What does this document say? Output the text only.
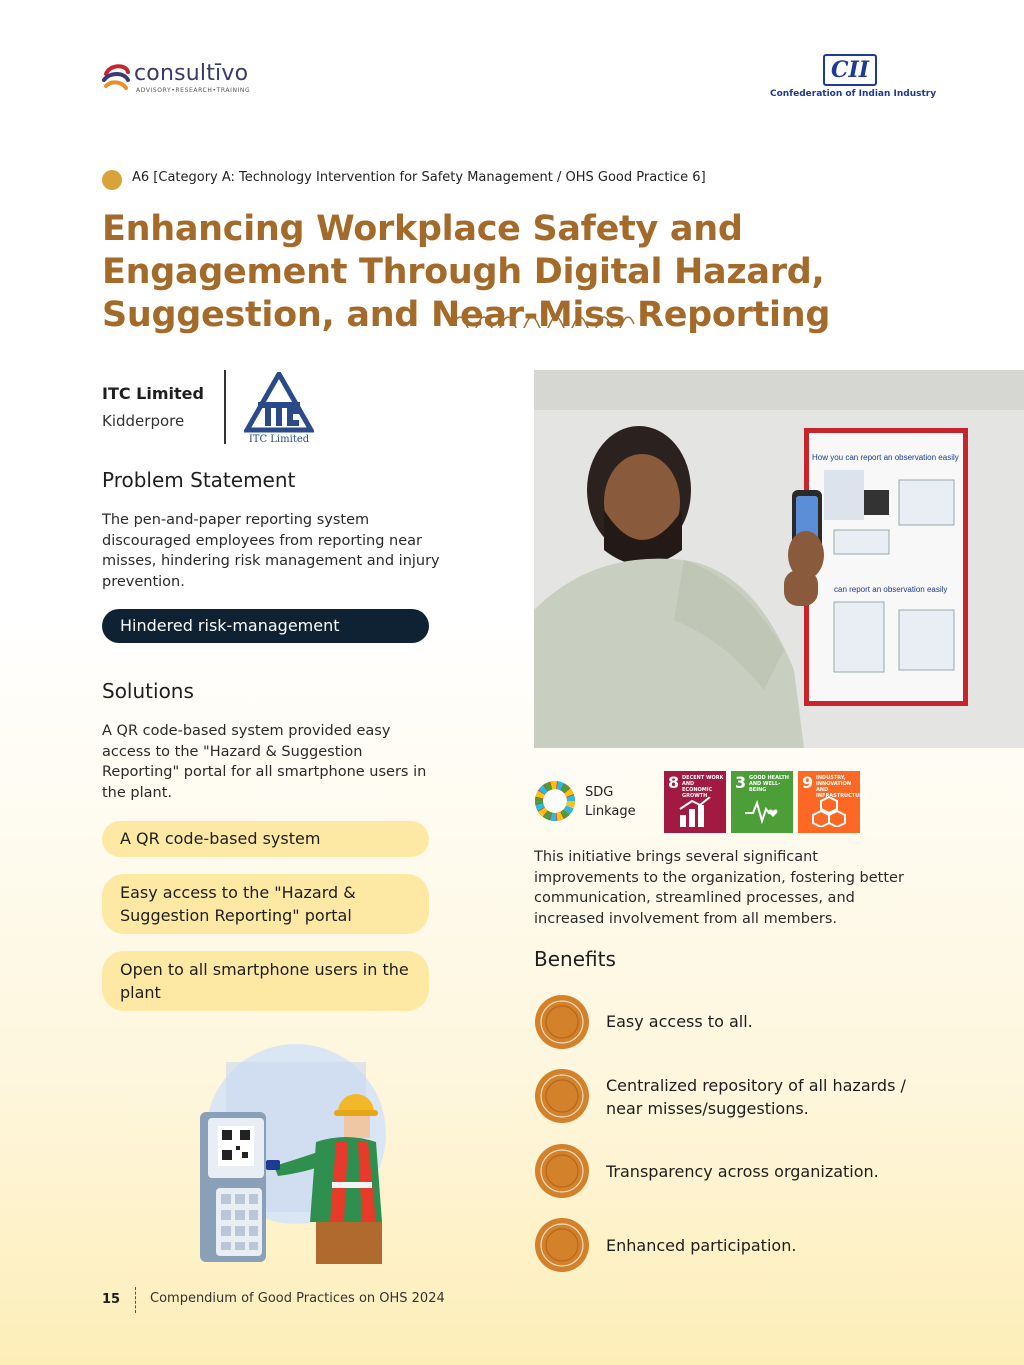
consultīvo
ADVISORY•RESEARCH•TRAINING
CII
Confederation of Indian Industry
A6 [Category A: Technology Intervention for Safety Management / OHS Good Practice 6]
Enhancing Workplace Safety and Engagement Through Digital Hazard, Suggestion, and Near-Miss Reporting
ITC Limited
Kidderpore
ITC Limited
Problem Statement

The pen-and-paper reporting system discouraged employees from reporting near misses, hindering risk management and injury prevention.

Hindered risk-management
Solutions

A QR code-based system provided easy access to the "Hazard & Suggestion Reporting" portal for all smartphone users in the plant.

A QR code-based system
Easy access to the "Hazard & Suggestion Reporting" portal
Open to all smartphone users in the plant
How you can report an observation easily
can report an observation easily
SDG
Linkage
8 DECENT WORK AND ECONOMIC GROWTH
3 GOOD HEALTH AND WELL-BEING	9 INDUSTRY, INNOVATION AND INFRASTRUCTURE

This initiative brings several significant improvements to the organization, fostering better communication, streamlined processes, and increased involvement from all members.

Benefits
Easy access to all.
Centralized repository of all hazards / near misses/suggestions.
Transparency across organization.
Enhanced participation.
15 Compendium of Good Practices on OHS 2024
